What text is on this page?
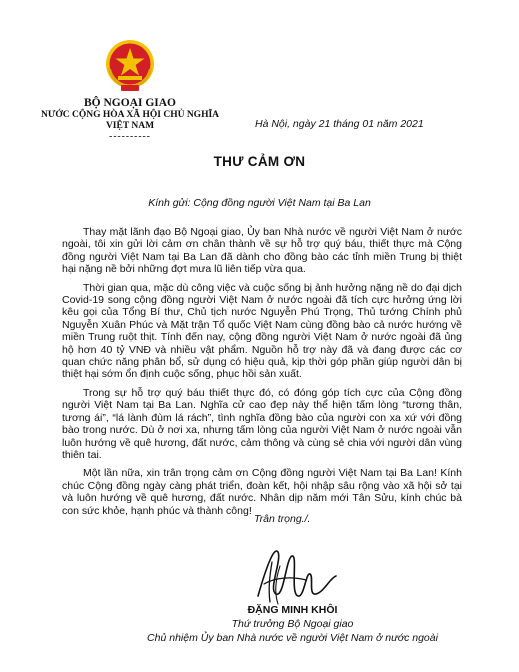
BỘ NGOẠI GIAO
NƯỚC CỘNG HÒA XÃ HỘI CHỦ NGHĨA
VIỆT NAM
----------
Hà Nội, ngày 21 tháng 01 năm 2021
THƯ CẢM ƠN
Kính gửi: Cộng đồng người Việt Nam tại Ba Lan

  Thay mặt lãnh đạo Bộ Ngoại giao, Ủy ban Nhà nước về người Việt Nam ở nước ngoài, tôi xin gửi lời cảm ơn chân thành về sự hỗ trợ quý báu, thiết thực mà Cộng đồng người Việt Nam tại Ba Lan đã dành cho đồng bào các tỉnh miền Trung bị thiệt hại nặng nề bởi những đợt mưa lũ liên tiếp vừa qua.

  Thời gian qua, mặc dù công việc và cuộc sống bị ảnh hưởng nặng nề do đại dịch Covid-19 song cộng đồng người Việt Nam ở nước ngoài đã tích cực hưởng ứng lời kêu gọi của Tổng Bí thư, Chủ tịch nước Nguyễn Phú Trọng, Thủ tướng Chính phủ Nguyễn Xuân Phúc và Mặt trận Tổ quốc Việt Nam cùng đồng bào cả nước hướng về miền Trung ruột thịt. Tính đến nay, cộng đồng người Việt Nam ở nước ngoài đã ủng hộ hơn 40 tỷ VNĐ và nhiều vật phẩm. Nguồn hỗ trợ này đã và đang được các cơ quan chức năng phân bổ, sử dụng có hiệu quả, kịp thời góp phần giúp người dân bị thiệt hại sớm ổn định cuộc sống, phục hồi sản xuất.

  Trong sự hỗ trợ quý báu thiết thực đó, có đóng góp tích cực của Cộng đồng người Việt Nam tại Ba Lan. Nghĩa cử cao đẹp này thể hiện tấm lòng “tương thân, tương ái”, “lá lành đùm lá rách”, tình nghĩa đồng bào của người con xa xứ với đồng bào trong nước. Dù ở nơi xa, nhưng tấm lòng của người Việt Nam ở nước ngoài vẫn luôn hướng về quê hương, đất nước, cảm thông và cùng sẻ chia với người dân vùng thiên tai.

  Một lần nữa, xin trân trọng cảm ơn Cộng đồng người Việt Nam tại Ba Lan! Kính chúc Cộng đồng ngày càng phát triển, đoàn kết, hội nhập sâu rộng vào xã hội sở tại và luôn hướng về quê hương, đất nước. Nhân dịp năm mới Tân Sửu, kính chúc bà con sức khỏe, hạnh phúc và thành công!

Trân trọng./.
ĐẶNG MINH KHÔI
Thứ trưởng Bộ Ngoại giao
Chủ nhiệm Ủy ban Nhà nước về người Việt Nam ở nước ngoài
